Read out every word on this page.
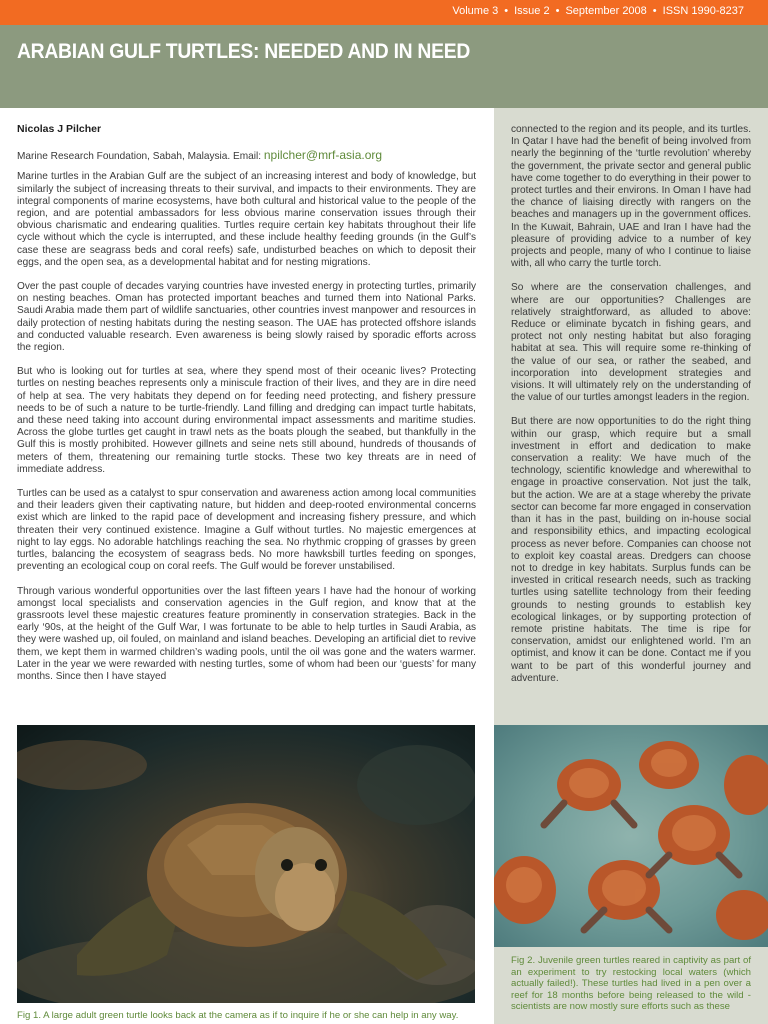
Volume 3 • Issue 2 • September 2008 • ISSN 1990-8237
ARABIAN GULF TURTLES: NEEDED AND IN NEED
Nicolas J Pilcher
Marine Research Foundation, Sabah, Malaysia. Email: npilcher@mrf-asia.org

Marine turtles in the Arabian Gulf are the subject of an increasing interest and body of knowledge, but similarly the subject of increasing threats to their survival, and impacts to their environments. They are integral components of marine ecosystems, have both cultural and historical value to the people of the region, and are potential ambassadors for less obvious marine conservation issues through their obvious charismatic and endearing qualities. Turtles require certain key habitats throughout their life cycle without which the cycle is interrupted, and these include healthy feeding grounds (in the Gulf’s case these are seagrass beds and coral reefs) safe, undisturbed beaches on which to deposit their eggs, and the open sea, as a developmental habitat and for nesting migrations.

Over the past couple of decades varying countries have invested energy in protecting turtles, primarily on nesting beaches. Oman has protected important beaches and turned them into National Parks. Saudi Arabia made them part of wildlife sanctuaries, other countries invest manpower and resources in daily protection of nesting habitats during the nesting season. The UAE has protected offshore islands and conducted valuable research. Even awareness is being slowly raised by sporadic efforts across the region.

But who is looking out for turtles at sea, where they spend most of their oceanic lives? Protecting turtles on nesting beaches represents only a miniscule fraction of their lives, and they are in dire need of help at sea. The very habitats they depend on for feeding need protecting, and fishery pressure needs to be of such a nature to be turtle-friendly. Land filling and dredging can impact turtle habitats, and these need taking into account during environmental impact assessments and maritime studies. Across the globe turtles get caught in trawl nets as the boats plough the seabed, but thankfully in the Gulf this is mostly prohibited. However gillnets and seine nets still abound, hundreds of thousands of meters of them, threatening our remaining turtle stocks. These two key threats are in need of immediate address.

Turtles can be used as a catalyst to spur conservation and awareness action among local communities and their leaders given their captivating nature, but hidden and deep-rooted environmental concerns exist which are linked to the rapid pace of development and increasing fishery pressure, and which threaten their very continued existence. Imagine a Gulf without turtles. No majestic emergences at night to lay eggs. No adorable hatchlings reaching the sea. No rhythmic cropping of grasses by green turtles, balancing the ecosystem of seagrass beds. No more hawksbill turtles feeding on sponges, preventing an ecological coup on coral reefs. The Gulf would be forever unstabilised.

Through various wonderful opportunities over the last fifteen years I have had the honour of working amongst local specialists and conservation agencies in the Gulf region, and know that at the grassroots level these majestic creatures feature prominently in conservation strategies. Back in the early ‘90s, at the height of the Gulf War, I was fortunate to be able to help turtles in Saudi Arabia, as they were washed up, oil fouled, on mainland and island beaches. Developing an artificial diet to revive them, we kept them in warmed children’s wading pools, until the oil was gone and the waters warmer. Later in the year we were rewarded with nesting turtles, some of whom had been our ‘guests’ for many months. Since then I have stayed

connected to the region and its people, and its turtles. In Qatar I have had the benefit of being involved from nearly the beginning of the ‘turtle revolution’ whereby the government, the private sector and general public have come together to do everything in their power to protect turtles and their environs. In Oman I have had the chance of liaising directly with rangers on the beaches and managers up in the government offices. In the Kuwait, Bahrain, UAE and Iran I have had the pleasure of providing advice to a number of key projects and people, many of who I continue to liaise with, all who carry the turtle torch.

So where are the conservation challenges, and where are our opportunities? Challenges are relatively straightforward, as alluded to above: Reduce or eliminate bycatch in fishing gears, and protect not only nesting habitat but also foraging habitat at sea. This will require some re-thinking of the value of our sea, or rather the seabed, and incorporation into development strategies and visions. It will ultimately rely on the understanding of the value of our turtles amongst leaders in the region.

But there are now opportunities to do the right thing within our grasp, which require but a small investment in effort and dedication to make conservation a reality: We have much of the technology, scientific knowledge and wherewithal to engage in proactive conservation. Not just the talk, but the action. We are at a stage whereby the private sector can become far more engaged in conservation than it has in the past, building on in-house social and responsibility ethics, and impacting ecological process as never before. Companies can choose not to exploit key coastal areas. Dredgers can choose not to dredge in key habitats. Surplus funds can be invested in critical research needs, such as tracking turtles using satellite technology from their feeding grounds to nesting grounds to establish key ecological linkages, or by supporting protection of remote pristine habitats. The time is ripe for conservation, amidst our enlightened world. I’m an optimist, and know it can be done. Contact me if you want to be part of this wonderful journey and adventure.

Fig 1. A large adult green turtle looks back at the camera as if to inquire if he or she can help in any way.
Fig 2. Juvenile green turtles reared in captivity as part of an experiment to try restocking local waters (which actually failed!). These turtles had lived in a pen over a reef for 18 months before being released to the wild - scientists are now mostly sure efforts such as these
